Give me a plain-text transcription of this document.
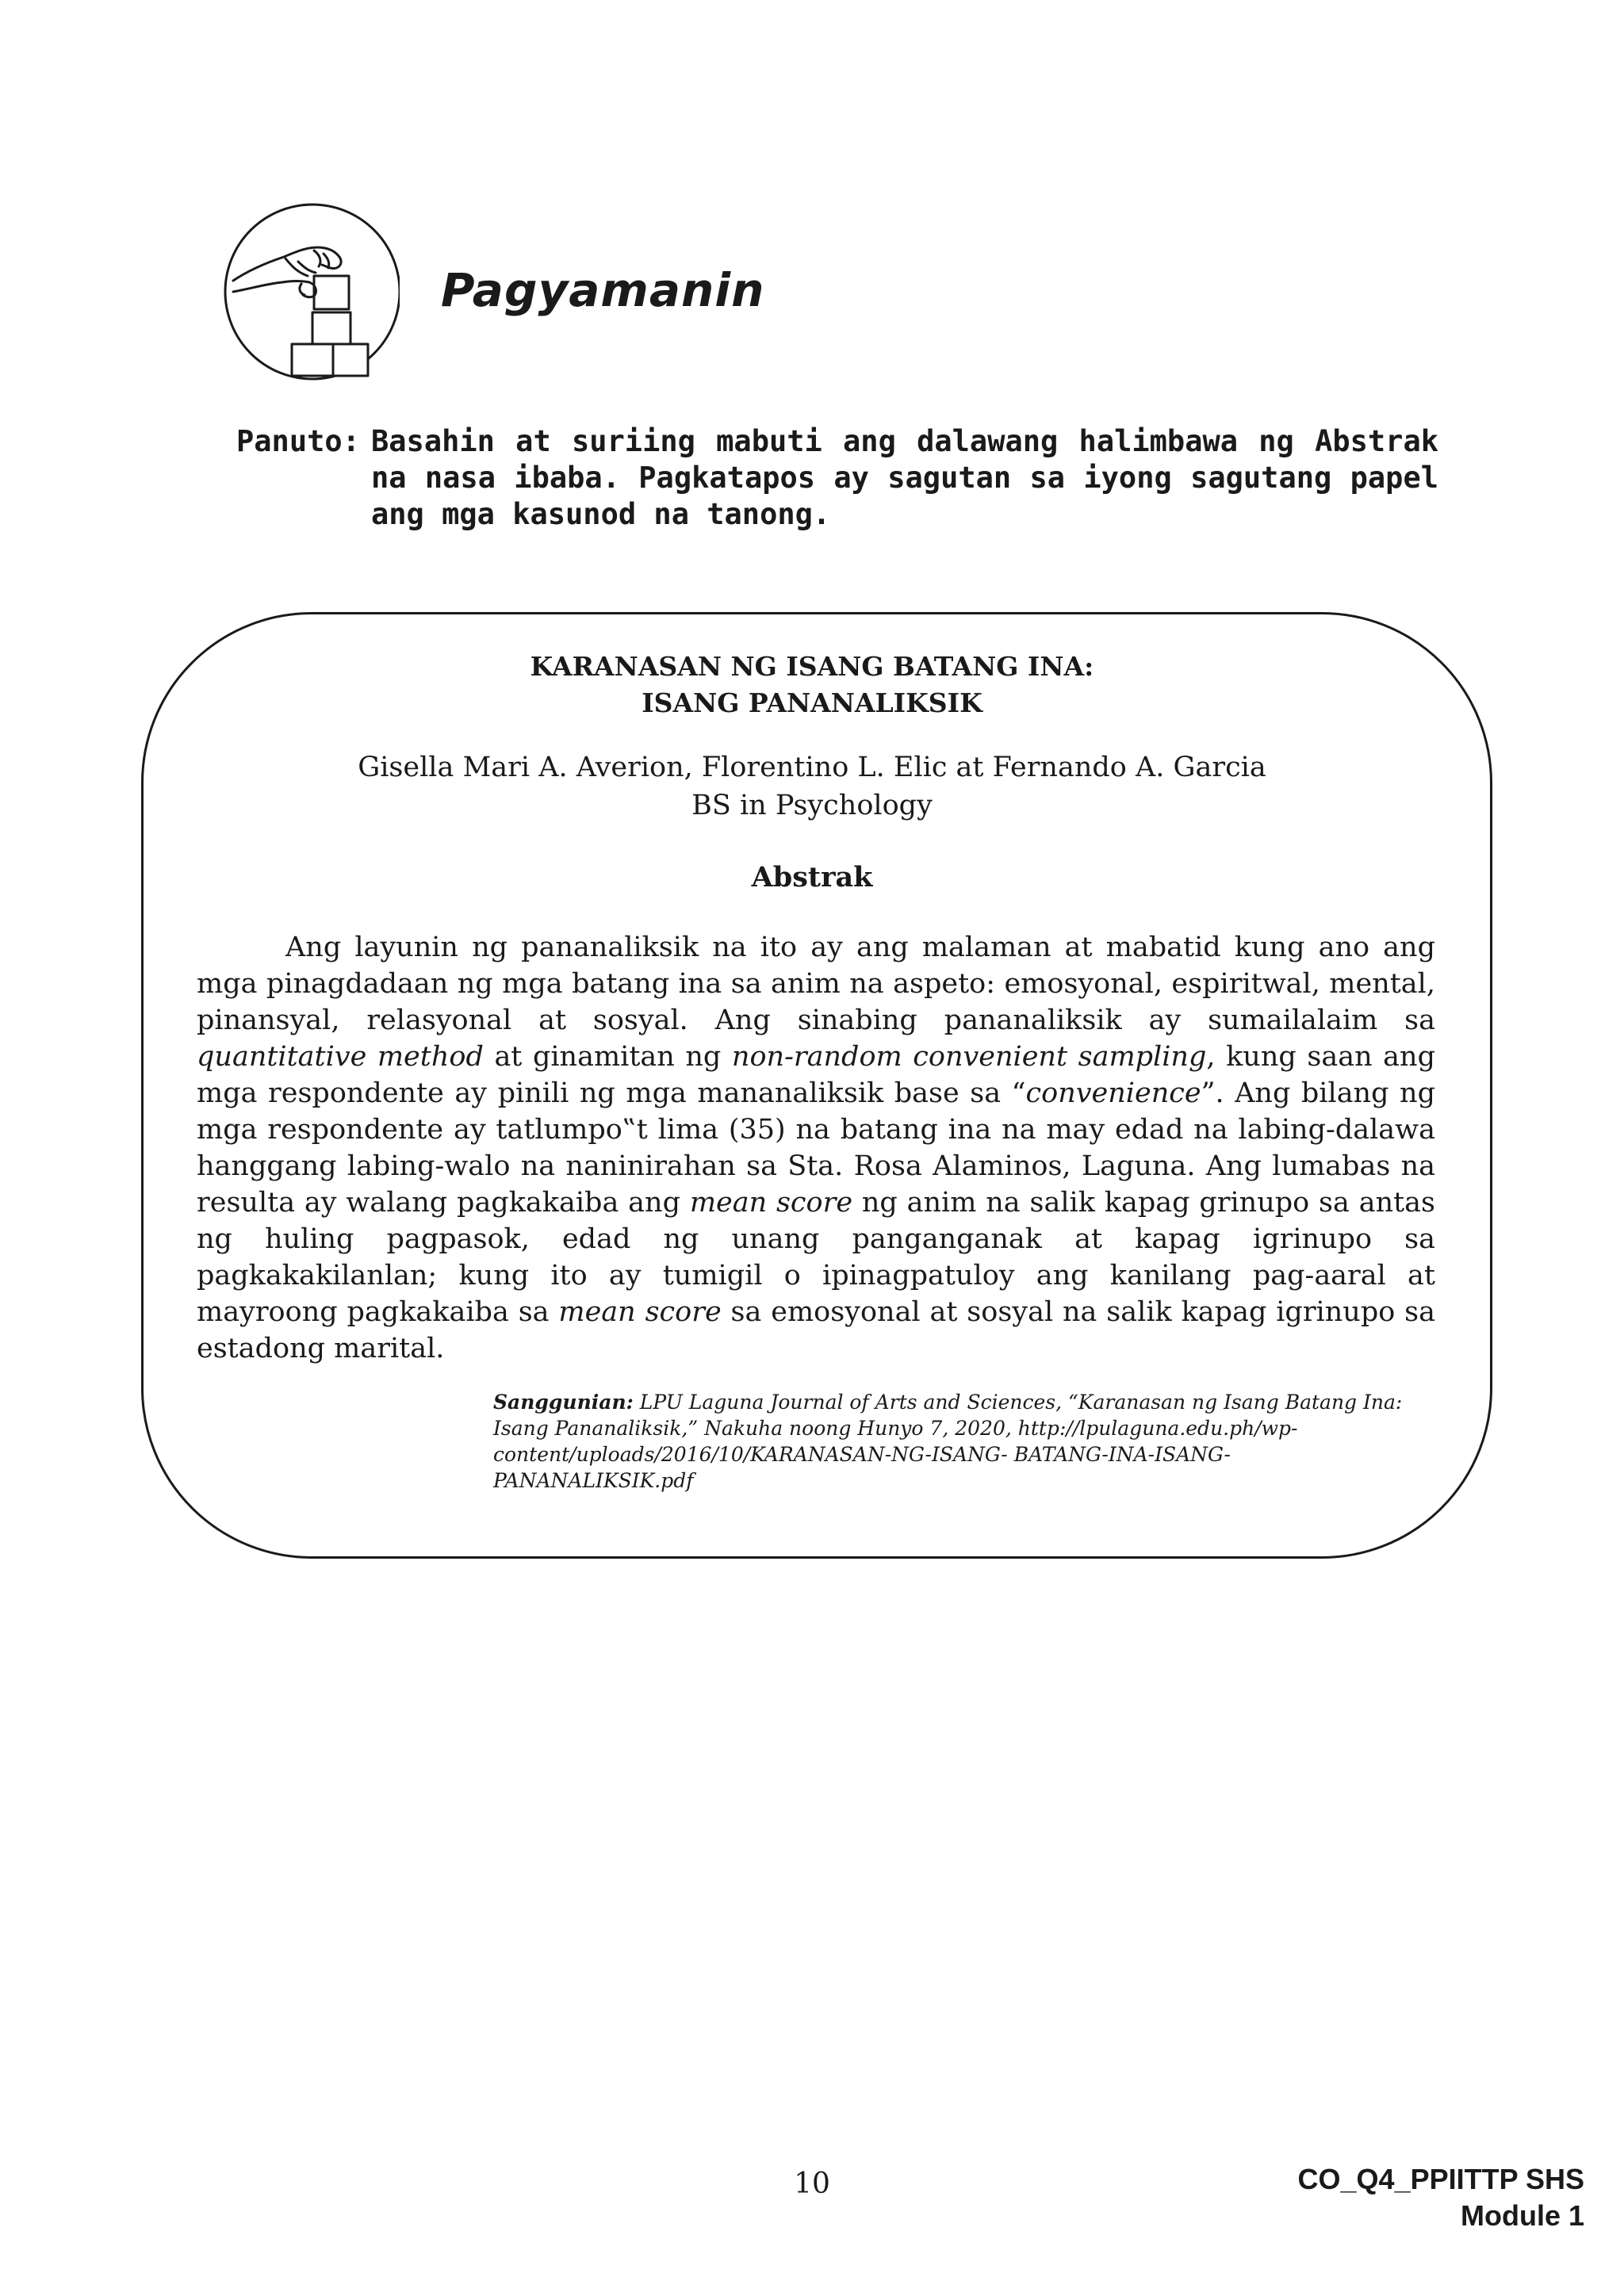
Pagyamanin
Panuto: Basahin at suriing mabuti ang dalawang halimbawa ng Abstrak na nasa ibaba. Pagkatapos ay sagutan sa iyong sagutang papel ang mga kasunod na tanong.
KARANASAN NG ISANG BATANG INA:
ISANG PANANALIKSIK
Gisella Mari A. Averion, Florentino L. Elic at Fernando A. Garcia
BS in Psychology
Abstrak

Ang layunin ng pananaliksik na ito ay ang malaman at mabatid kung ano ang mga pinagdadaan ng mga batang ina sa anim na aspeto: emosyonal, espiritwal, mental, pinansyal, relasyonal at sosyal. Ang sinabing pananaliksik ay sumailalaim sa quantitative method at ginamitan ng non-random convenient sampling, kung saan ang mga respondente ay pinili ng mga mananaliksik base sa “convenience”. Ang bilang ng mga respondente ay tatlumpo‟t lima (35) na batang ina na may edad na labing-dalawa hanggang labing-walo na naninirahan sa Sta. Rosa Alaminos, Laguna. Ang lumabas na resulta ay walang pagkakaiba ang mean score ng anim na salik kapag grinupo sa antas ng huling pagpasok, edad ng unang panganganak at kapag igrinupo sa pagkakakilanlan; kung ito ay tumigil o ipinagpatuloy ang kanilang pag-aaral at mayroong pagkakaiba sa mean score sa emosyonal at sosyal na salik kapag igrinupo sa estadong marital.

Sanggunian: LPU Laguna Journal of Arts and Sciences, “Karanasan ng Isang Batang Ina: Isang Pananaliksik,” Nakuha noong Hunyo 7, 2020, http://lpulaguna.edu.ph/wp-content/uploads/2016/10/KARANASAN-NG-ISANG- BATANG-INA-ISANG-PANANALIKSIK.pdf
10	CO_Q4_PPIITTP SHS
Module 1
